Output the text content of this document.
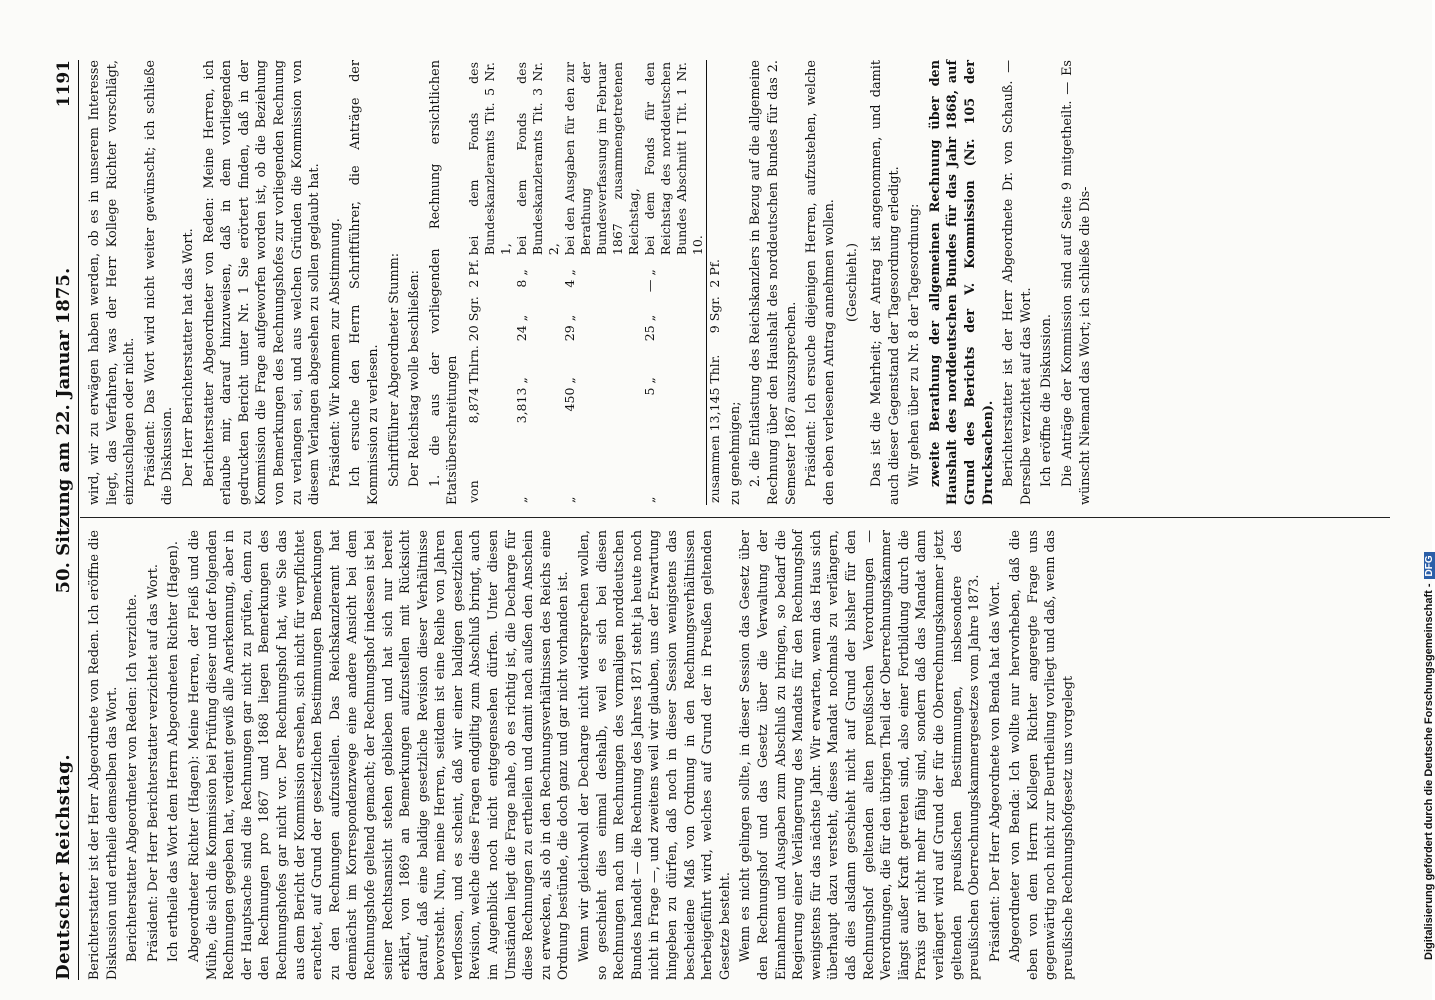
Deutscher Reichstag.
50. Sitzung am 22. Januar 1875.
1191

Berichterstatter ist der Herr Abgeordnete von Reden. Ich eröffne die Diskussion und ertheile demselben das Wort. Berichterstatter Abgeordneter von Reden: Ich verzichte. Präsident: Der Herr Berichterstatter verzichtet auf das Wort. Ich ertheile das Wort dem Herrn Abgeordneten Richter (Hagen). Abgeordneter Richter (Hagen): Meine Herren, der Fleiß und die Mühe, die sich die Kommission bei Prüfung dieser und der folgenden Rechnungen gegeben hat, verdient gewiß alle Anerkennung, aber in der Hauptsache sind die Rechnungen gar nicht zu prüfen, denn zu den Rechnungen pro 1867 und 1868 liegen Bemerkungen des Rechnungshofes gar nicht vor. Der Rechnungshof hat, wie Sie das aus dem Bericht der Kommission ersehen, sich nicht für verpflichtet erachtet, auf Grund der gesetzlichen Bestimmungen Bemerkungen zu den Rechnungen aufzustellen. Das Reichskanzleramt hat demnächst im Korrespondenzwege eine andere Ansicht bei dem Rechnungshofe geltend gemacht; der Rechnungshof indessen ist bei seiner Rechtsansicht stehen geblieben und hat sich nur bereit erklärt, von 1869 an Bemerkungen aufzustellen mit Rücksicht darauf, daß eine baldige gesetzliche Revision dieser Verhältnisse bevorsteht. Nun, meine Herren, seitdem ist eine Reihe von Jahren verflossen, und es scheint, daß wir einer baldigen gesetzlichen Revision, welche diese Fragen endgiltig zum Abschluß bringt, auch im Augenblick noch nicht entgegensehen dürfen. Unter diesen Umständen liegt die Frage nahe, ob es richtig ist, die Decharge für diese Rechnungen zu ertheilen und damit nach außen den Anschein zu erwecken, als ob in den Rechnungsverhältnissen des Reichs eine Ordnung bestünde, die doch ganz und gar nicht vorhanden ist. Wenn wir gleichwohl der Decharge nicht widersprechen wollen, so geschieht dies einmal deshalb, weil es sich bei diesen Rechnungen nach um Rechnungen des vormaligen norddeutschen Bundes handelt — die Rechnung des Jahres 1871 steht ja heute noch nicht in Frage —, und zweitens weil wir glauben, uns der Erwartung hingeben zu dürfen, daß noch in dieser Session wenigstens das bescheidene Maß von Ordnung in den Rechnungsverhältnissen herbeigeführt wird, welches auf Grund der in Preußen geltenden Gesetze besteht. Wenn es nicht gelingen sollte, in dieser Session das Gesetz über den Rechnungshof und das Gesetz über die Verwaltung der Einnahmen und Ausgaben zum Abschluß zu bringen, so bedarf die Regierung einer Verlängerung des Mandats für den Rechnungshof wenigstens für das nächste Jahr. Wir erwarten, wenn das Haus sich überhaupt dazu versteht, dieses Mandat nochmals zu verlängern, daß dies alsdann geschieht nicht auf Grund der bisher für den Rechnungshof geltenden alten preußischen Verordnungen — Verordnungen, die für den übrigen Theil der Oberrechnungskammer längst außer Kraft getreten sind, also einer Fortbildung durch die Praxis gar nicht mehr fähig sind, sondern daß das Mandat dann verlängert wird auf Grund der für die Oberrechnungskammer jetzt geltenden preußischen Bestimmungen, insbesondere des preußischen Oberrechnungskammergesetzes vom Jahre 1873. Präsident: Der Herr Abgeordnete von Benda hat das Wort. Abgeordneter von Benda: Ich wollte nur hervorheben, daß die eben von dem Herrn Kollegen Richter angeregte Frage uns gegenwärtig noch nicht zur Beurtheilung vorliegt und daß, wenn das preußische Rechnungshofgesetz uns vorgelegt

wird, wir zu erwägen haben werden, ob es in unserem Interesse liegt, das Verfahren, was der Herr Kollege Richter vorschlägt, einzuschlagen oder nicht. Präsident: Das Wort wird nicht weiter gewünscht; ich schließe die Diskussion. Der Herr Berichterstatter hat das Wort. Berichterstatter Abgeordneter von Reden: Meine Herren, ich erlaube mir, darauf hinzuweisen, daß in dem vorliegenden gedruckten Bericht unter Nr. 1 Sie erörtert finden, daß in der Kommission die Frage aufgeworfen worden ist, ob die Beziehung von Bemerkungen des Rechnungshofes zur vorliegenden Rechnung zu verlangen sei, und aus welchen Gründen die Kommission von diesem Verlangen abgesehen zu sollen geglaubt hat. Präsident: Wir kommen zur Abstimmung. Ich ersuche den Herrn Schriftführer, die Anträge der Kommission zu verlesen. Schriftführer Abgeordneter Stumm: Der Reichstag wolle beschließen: 1. die aus der vorliegenden Rechnung ersichtlichen Etatsüberschreitungen von	8,874	Thlrn.	20	Sgr.	2	Pf.	bei dem Fonds des Bundeskanzleramts Tit. 5 Nr. 1,
„	3,813	„	24	„	8	„	bei dem Fonds des Bundeskanzleramts Tit. 3 Nr. 2,
„	450	„	29	„	4	„	bei den Ausgaben für den zur Berathung der Bundesverfassung im Februar 1867 zusammengetretenen Reichstag,
„	5	„	25	„	—	„	bei dem Fonds für den Reichstag des norddeutschen Bundes Abschnitt I Tit. 1 Nr. 10.
zusammen	13,145	Thlr.	9	Sgr.	2	Pf.	

zu genehmigen; 2. die Entlastung des Reichskanzlers in Bezug auf die allgemeine Rechnung über den Haushalt des norddeutschen Bundes für das 2. Semester 1867 auszusprechen. Präsident: Ich ersuche diejenigen Herren, aufzustehen, welche den eben verlesenen Antrag annehmen wollen. (Geschieht.) Das ist die Mehrheit; der Antrag ist angenommen, und damit auch dieser Gegenstand der Tagesordnung erledigt. Wir gehen über zu Nr. 8 der Tagesordnung: zweite Berathung der allgemeinen Rechnung über den Haushalt des norddeutschen Bundes für das Jahr 1868, auf Grund des Berichts der V. Kommission (Nr. 105 der Drucksachen). Berichterstatter ist der Herr Abgeordnete Dr. von Schauß. — Derselbe verzichtet auf das Wort. Ich eröffne die Diskussion. Die Anträge der Kommission sind auf Seite 9 mitgetheilt. — Es wünscht Niemand das Wort; ich schließe die Dis-

Digitalisierung gefördert durch die Deutsche Forschungsgemeinschaft -DFG
